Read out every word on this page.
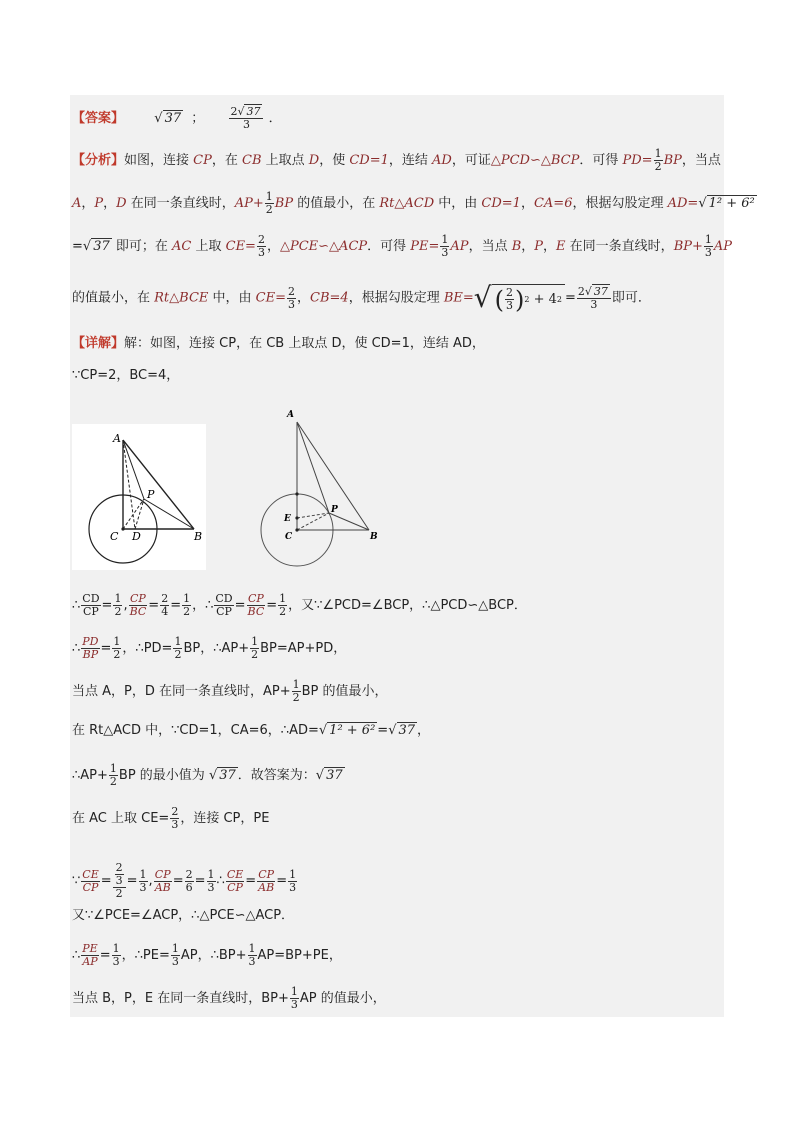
【答案】 √ 37 ； $\frac{2√ 37}{3}$ ．
【分析】如图，连接 CP，在 CB 上取点 D，使 CD=1，连结 AD，可证△PCD∽△BCP．可得 $PD= \frac{1}{2}$ BP，当点
A，P，D 在同一条直线时，$AP+ \frac{1}{2}$ BP 的值最小，在 Rt△ACD 中，由 CD=1，CA=6，根据勾股定理 AD=√ 1² + 6²
=√ 37 即可；在 AC 上取 $CE= \frac{2}{3}$ ，△PCE∽△ACP．可得 $PE= \frac{1}{3}$ AP，当点 B，P，E 在同一条直线时，$BP+ \frac{1}{3}$ AP
的值最小，在 Rt△BCE 中，由 $CE= \frac{2}{3}$ ，CB=4，根据勾股定理 BE= √ ( $\frac{2}{3}$ ) 2
+ 4 $2 = \frac{2√ 37}{3}$ 即可．
【详解】解：如图，连接 CP，在 CB 上取点 D，使 CD=1，连结 AD，
∵CP=2，BC=4，
A
P
C D	B
A
E
P
C	B
∴ $\frac{CD}{CP} = \frac{1}{2}$ , $\frac{CP}{BC} = \frac{2}{4} = \frac{1}{2}$ ，∴ $\frac{CD}{CP} = \frac{CP}{BC} = \frac{1}{2}$ ，又∵∠PCD=∠BCP，∴△PCD∽△BCP．
∴ $\frac{PD}{BP} = \frac{1}{2}$ ，∴PD= $\frac{1}{2}$ BP，∴AP+ $\frac{1}{2} BP=AP+PD$，
当点 A，P，D 在同一条直线时，$AP+ \frac{1}{2}$ BP 的值最小，
在 Rt△ACD 中，∵CD=1，CA=6，∴AD=√ 1² + 6² =√ 37 ，
∴AP+ $\frac{1}{2}$ BP 的最小值为 √ 37 ．故答案为：√ 37
在 AC 上取 $CE= \frac{2}{3}$ ，连接 CP，PE
∵ $\frac{CE}{CP} = \frac{\frac{2}{3}}{2} = \frac{1}{3}$ , $\frac{CP}{AB} = \frac{2}{6} = \frac{1}{3}$ ∴ $\frac{CE}{CP} = \frac{CP}{AB} = \frac{1}{3}$
又∵∠PCE=∠ACP，∴△PCE∽△ACP．
∴ $\frac{PE}{AP} = \frac{1}{3}$ ，∴PE= $\frac{1}{3}$ AP，∴BP+ $\frac{1}{3} AP=BP+PE$，
当点 B，P，E 在同一条直线时，$BP+ \frac{1}{3}$ AP 的值最小，
